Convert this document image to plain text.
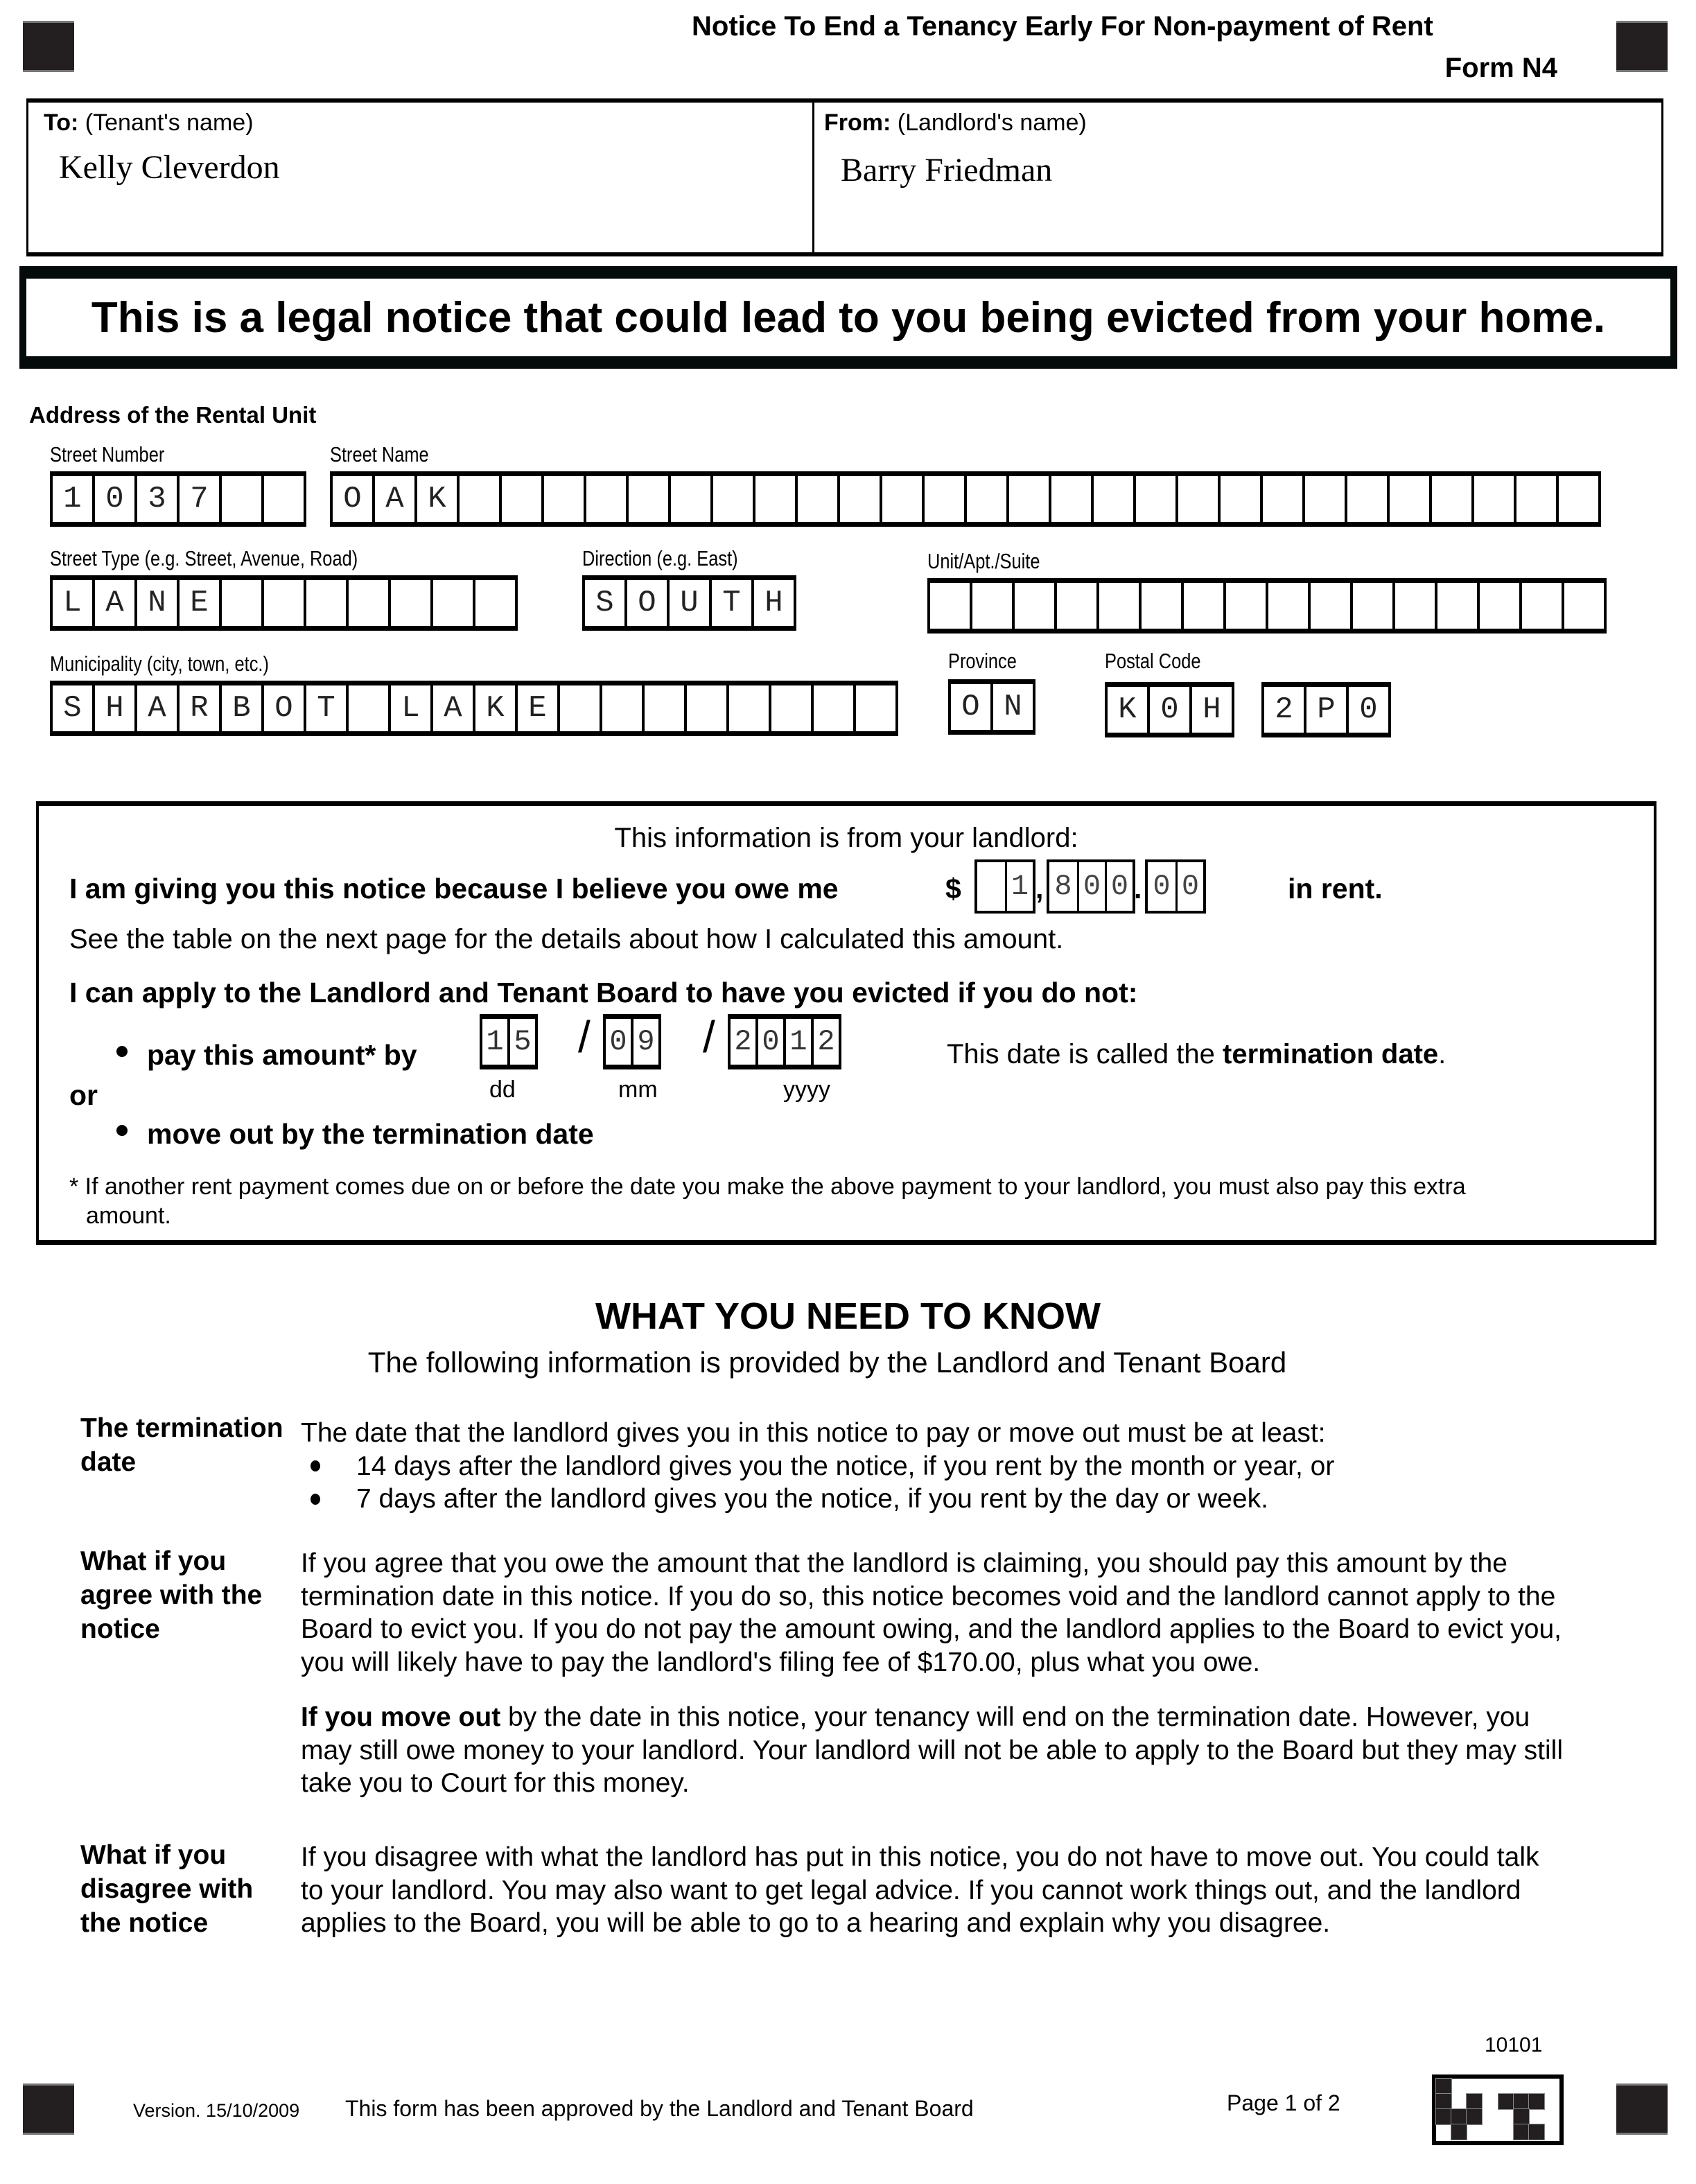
Notice To End a Tenancy Early For Non-payment of Rent
Form N4
To: (Tenant's name)
Kelly Cleverdon
From: (Landlord's name)
Barry Friedman
This is a legal notice that could lead to you being evicted from your home.
Address of the Rental Unit
Street Number
1 0 3 7
Street Name
O A K
Street Type (e.g. Street, Avenue, Road)
L A N E
Direction (e.g. East)
S O U T H
Unit/Apt./Suite
Municipality (city, town, etc.)
S H A R B O T	L A K E
Province
O N
Postal Code
K 0 H	2 P 0
This information is from your landlord:
I am giving you this notice because I believe you owe me	$ 1 , 8 0 0 . 0 0	in rent.
See the table on the next page for the details about how I calculated this amount.
I can apply to the Landlord and Tenant Board to have you evicted if you do not:
pay this amount* by 1 5 / 0 9 / 2 0 1 2
dd	mm	yyyy
This date is called the termination date.
or
move out by the termination date
* If another rent payment comes due on or before the date you make the above payment to your landlord, you must also pay this extra
amount.
WHAT YOU NEED TO KNOW
The following information is provided by the Landlord and Tenant Board
The termination date

The date that the landlord gives you in this notice to pay or move out must be at least:

14 days after the landlord gives you the notice, if you rent by the month or year, or
7 days after the landlord gives you the notice, if you rent by the day or week.
What if you agree with the notice

If you agree that you owe the amount that the landlord is claiming, you should pay this amount by the termination date in this notice. If you do so, this notice becomes void and the landlord cannot apply to the Board to evict you. If you do not pay the amount owing, and the landlord applies to the Board to evict you, you will likely have to pay the landlord's filing fee of $170.00, plus what you owe.

If you move out by the date in this notice, your tenancy will end on the termination date. However, you may still owe money to your landlord. Your landlord will not be able to apply to the Board but they may still take you to Court for this money.

What if you disagree with the notice

If you disagree with what the landlord has put in this notice, you do not have to move out. You could talk to your landlord. You may also want to get legal advice. If you cannot work things out, and the landlord applies to the Board, you will be able to go to a hearing and explain why you disagree.

10101
Version. 15/10/2009 This form has been approved by the Landlord and Tenant Board	Page 1 of 2
